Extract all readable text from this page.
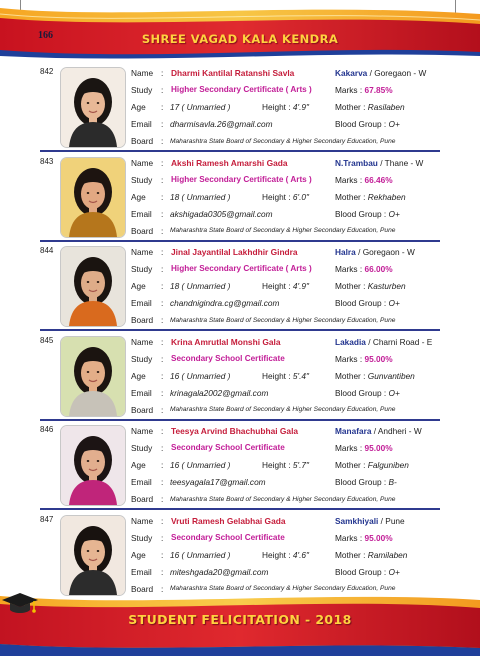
166	SHREE VAGAD KALA KENDRA
842	Name : Dharmi Kantilal Ratanshi Savla	Kakarva / Goregaon - W
Study : Higher Secondary Certificate ( Arts )	Marks : 67.85%
Age : 17 ( Unmarried )	Height : 4'.9"	Mother : Rasilaben
Email : dharmisavla.26@gmail.com	Blood Group : O+
Board : Maharashtra State Board of Secondary & Higher Secondary Education, Pune
843	Name : Akshi Ramesh Amarshi Gada	N.Trambau / Thane - W
Study : Higher Secondary Certificate ( Arts )	Marks : 66.46%
Age : 18 ( Unmarried )	Height : 6'.0"	Mother : Rekhaben
Email : akshigada0305@gmail.com	Blood Group : O+
Board : Maharashtra State Board of Secondary & Higher Secondary Education, Pune
844	Name : Jinal Jayantilal Lakhdhir Gindra	Halra / Goregaon - W
Study : Higher Secondary Certificate ( Arts )	Marks : 66.00%
Age : 18 ( Unmarried )	Height : 4'.9"	Mother : Kasturben
Email : chandnigindra.cg@gmail.com	Blood Group : O+
Board : Maharashtra State Board of Secondary & Higher Secondary Education, Pune
845	Name : Krina Amrutlal Monshi Gala	Lakadia / Charni Road - E
Study : Secondary School Certificate	Marks : 95.00%
Age : 16 ( Unmarried )	Height : 5'.4"	Mother : Gunvantiben
Email : krinagala2002@gmail.com	Blood Group : O+
Board : Maharashtra State Board of Secondary & Higher Secondary Education, Pune
846	Name : Teesya Arvind Bhachubhai Gala	Manafara / Andheri - W
Study : Secondary School Certificate	Marks : 95.00%
Age : 16 ( Unmarried )	Height : 5'.7"	Mother : Falguniben
Email : teesyagala17@gmail.com	Blood Group : B-
Board : Maharashtra State Board of Secondary & Higher Secondary Education, Pune
847	Name : Vruti Ramesh Gelabhai Gada	Samkhiyali / Pune
Study : Secondary School Certificate	Marks : 95.00%
Age : 16 ( Unmarried )	Height : 4'.6"	Mother : Ramilaben
Email : miteshgada20@gmail.com	Blood Group : O+
Board : Maharashtra State Board of Secondary & Higher Secondary Education, Pune
STUDENT FELICITATION - 2018
